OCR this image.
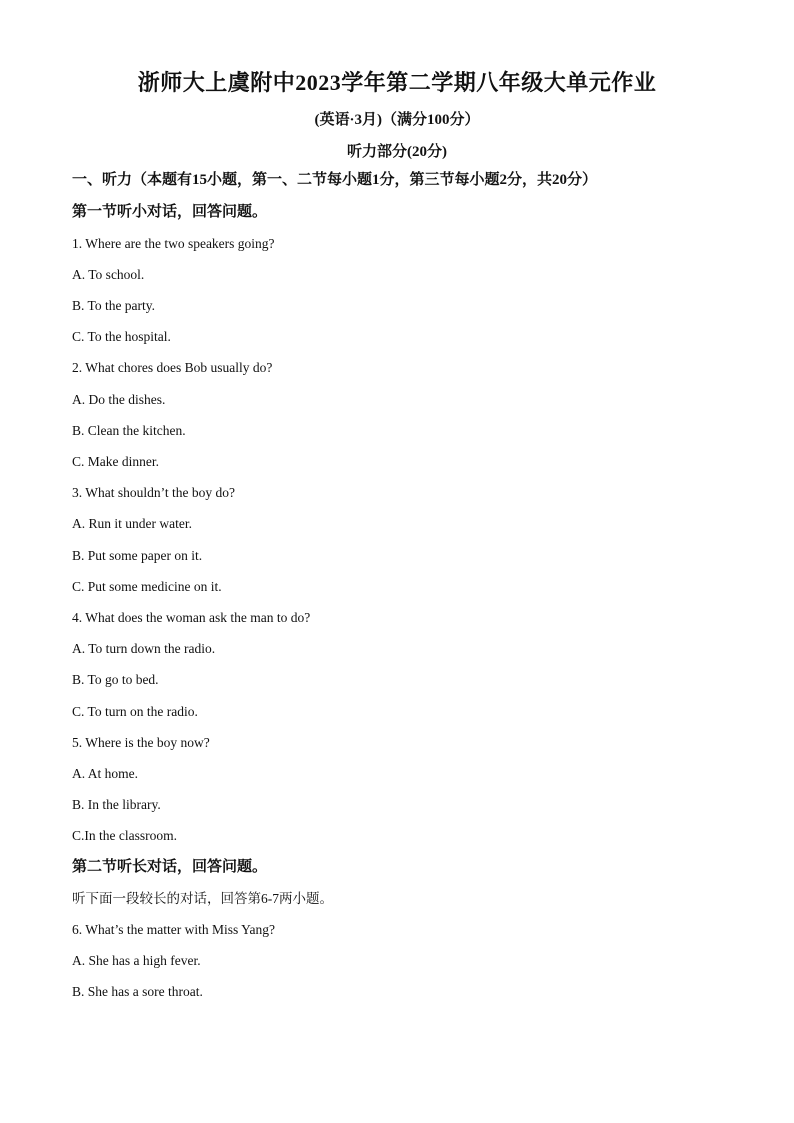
浙师大上虞附中2023学年第二学期八年级大单元作业
(英语·3月)（满分100分）
听力部分(20分)
一、听力（本题有15小题，第一、二节每小题1分，第三节每小题2分，共20分）
第一节听小对话，回答问题。
1. Where are the two speakers going?
A. To school.
B. To the party.
C. To the hospital.
2. What chores does Bob usually do?
A. Do the dishes.
B. Clean the kitchen.
C. Make dinner.
3. What shouldn’t the boy do?
A. Run it under water.
B. Put some paper on it.
C. Put some medicine on it.
4. What does the woman ask the man to do?
A. To turn down the radio.
B. To go to bed.
C. To turn on the radio.
5. Where is the boy now?
A. At home.
B. In the library.
C.In the classroom.
第二节听长对话，回答问题。
听下面一段较长的对话，回答第6-7两小题。
6. What’s the matter with Miss Yang?
A. She has a high fever.
B. She has a sore throat.
